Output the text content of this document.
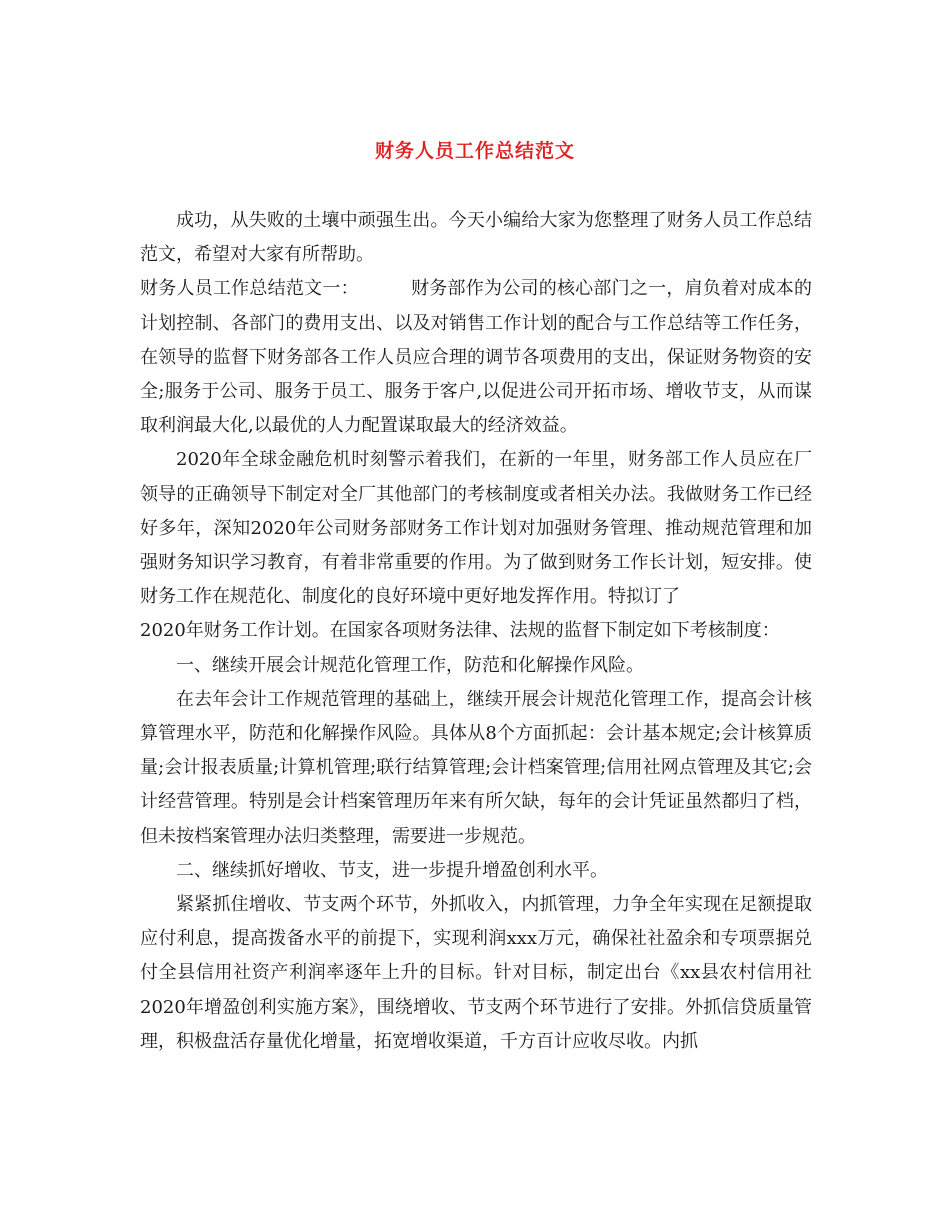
财务人员工作总结范文

成功，从失败的土壤中顽强生出。今天小编给大家为您整理了财务人员工作总结范文，希望对大家有所帮助。

财务人员工作总结范文一：	财务部作为公司的核心部门之一，肩负着对成本的计划控制、各部门的费用支出、以及对销售工作计划的配合与工作总结等工作任务，在领导的监督下财务部各工作人员应合理的调节各项费用的支出，保证财务物资的安全;服务于公司、服务于员工、服务于客户,以促进公司开拓市场、增收节支，从而谋取利润最大化,以最优的人力配置谋取最大的经济效益。

2020年全球金融危机时刻警示着我们，在新的一年里，财务部工作人员应在厂领导的正确领导下制定对全厂其他部门的考核制度或者相关办法。我做财务工作已经好多年，深知2020年公司财务部财务工作计划对加强财务管理、推动规范管理和加强财务知识学习教育，有着非常重要的作用。为了做到财务工作长计划，短安排。使财务工作在规范化、制度化的良好环境中更好地发挥作用。特拟订了

2020年财务工作计划。在国家各项财务法律、法规的监督下制定如下考核制度：

一、继续开展会计规范化管理工作，防范和化解操作风险。

在去年会计工作规范管理的基础上，继续开展会计规范化管理工作，提高会计核算管理水平，防范和化解操作风险。具体从8个方面抓起：会计基本规定;会计核算质量;会计报表质量;计算机管理;联行结算管理;会计档案管理;信用社网点管理及其它;会计经营管理。特别是会计档案管理历年来有所欠缺，每年的会计凭证虽然都归了档，但未按档案管理办法归类整理，需要进一步规范。

二、继续抓好增收、节支，进一步提升增盈创利水平。

紧紧抓住增收、节支两个环节，外抓收入，内抓管理，力争全年实现在足额提取应付利息，提高拨备水平的前提下，实现利润xxx万元，确保社社盈余和专项票据兑付全县信用社资产利润率逐年上升的目标。针对目标，制定出台《xx县农村信用社2020年增盈创利实施方案》，围绕增收、节支两个环节进行了安排。外抓信贷质量管理，积极盘活存量优化增量，拓宽增收渠道，千方百计应收尽收。内抓
